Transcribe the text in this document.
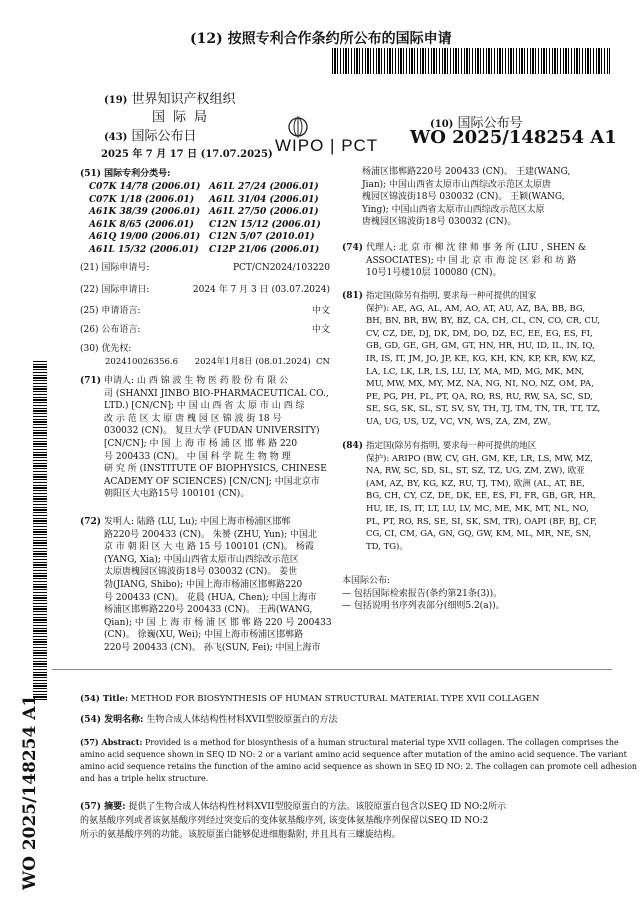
(12) 按照专利合作条约所公布的国际申请
(19) 世界知识产权组织
国际局
(43) 国际公布日
2025 年 7 月 17 日 (17.07.2025)
(10) 国际公布号
WO 2025/148254 A1
WIPO | PCT
(51) 国际专利分类号:
C07K 14/78 (2006.01) A61L 27/24 (2006.01)
C07K 1/18 (2006.01) A61L 31/04 (2006.01)
A61K 38/39 (2006.01) A61L 27/50 (2006.01)
A61K 8/65 (2006.01) C12N 15/12 (2006.01)
A61Q 19/00 (2006.01) C12N 5/07 (2010.01)
A61L 15/32 (2006.01) C12P 21/06 (2006.01)
(21) 国际申请号:	PCT/CN2024/103220
(22) 国际申请日:	2024 年 7 月 3 日 (03.07.2024)
(25) 申请语言:	中文
(26) 公布语言:	中文
(30) 优先权:
202410026356.6 2024年1月8日 (08.01.2024) CN
(71) 申请人: 山 西 锦 波 生 物 医 药 股 份 有 限 公
司 (SHANXI JINBO BIO-PHARMACEUTICAL CO.,
LTD.) [CN/CN]; 中 国 山 西 省 太 原 市 山 西 综
改 示 范 区 太 原 唐 槐 园 区 锦 波 街 18 号
030032 (CN)。 复旦大学 (FUDAN UNIVERSITY)
[CN/CN]; 中 国 上 海 市 杨 浦 区 邯 郸 路 220
号 200433 (CN)。 中 国 科 学 院 生 物 物 理
研 究 所 (INSTITUTE OF BIOPHYSICS, CHINESE
ACADEMY OF SCIENCES) [CN/CN]; 中国北京市
朝阳区大屯路15号 100101 (CN)。
(72) 发明人: 陆路 (LU, Lu); 中国上海市杨浦区邯郸
路220号 200433 (CN)。 朱赟 (ZHU, Yun); 中国北
京 市 朝 阳 区 大 屯 路 15 号 100101 (CN)。 杨霞
(YANG, Xia); 中国山西省太原市山西综改示范区
太原唐槐园区锦波街18号 030032 (CN)。 姜世
勃(JIANG, Shibo); 中国上海市杨浦区邯郸路220
号 200433 (CN)。 花晨 (HUA, Chen); 中国上海市
杨浦区邯郸路220号 200433 (CN)。 王茜(WANG,
Qian); 中 国 上 海 市 杨 浦 区 邯 郸 路 220 号 200433
(CN)。 徐巍(XU, Wei); 中国上海市杨浦区邯郸路
220号 200433 (CN)。 孙飞(SUN, Fei); 中国上海市
杨浦区邯郸路220号 200433 (CN)。 王建(WANG,
Jian); 中国山西省太原市山西综改示范区太原唐
槐园区锦波街18号 030032 (CN)。 王颖(WANG,
Ying); 中国山西省太原市山西综改示范区太原
唐槐园区锦波街18号 030032 (CN)。
(74) 代理人: 北 京 市 柳 沈 律 师 事 务 所 (LIU , SHEN &
ASSOCIATES); 中 国 北 京 市 海 淀 区 彩 和 坊 路
10号1号楼10层 100080 (CN)。
(81) 指定国(除另有指明, 要求每一种可提供的国家
保护): AE, AG, AL, AM, AO, AT, AU, AZ, BA, BB, BG,
BH, BN, BR, BW, BY, BZ, CA, CH, CL, CN, CO, CR, CU,
CV, CZ, DE, DJ, DK, DM, DO, DZ, EC, EE, EG, ES, FI,
GB, GD, GE, GH, GM, GT, HN, HR, HU, ID, IL, IN, IQ,
IR, IS, IT, JM, JO, JP, KE, KG, KH, KN, KP, KR, KW, KZ,
LA, LC, LK, LR, LS, LU, LY, MA, MD, MG, MK, MN,
MU, MW, MX, MY, MZ, NA, NG, NI, NO, NZ, OM, PA,
PE, PG, PH, PL, PT, QA, RO, RS, RU, RW, SA, SC, SD,
SE, SG, SK, SL, ST, SV, SY, TH, TJ, TM, TN, TR, TT, TZ,
UA, UG, US, UZ, VC, VN, WS, ZA, ZM, ZW。
(84) 指定国(除另有指明, 要求每一种可提供的地区
保护): ARIPO (BW, CV, GH, GM, KE, LR, LS, MW, MZ,
NA, RW, SC, SD, SL, ST, SZ, TZ, UG, ZM, ZW), 欧亚
(AM, AZ, BY, KG, KZ, RU, TJ, TM), 欧洲 (AL, AT, BE,
BG, CH, CY, CZ, DE, DK, EE, ES, FI, FR, GB, GR, HR,
HU, IE, IS, IT, LT, LU, LV, MC, ME, MK, MT, NL, NO,
PL, PT, RO, RS, SE, SI, SK, SM, TR), OAPI (BF, BJ, CF,
CG, CI, CM, GA, GN, GQ, GW, KM, ML, MR, NE, SN,
TD, TG)。
本国际公布:
— 包括国际检索报告(条约第21条(3))。
— 包括说明书序列表部分(细则5.2(a))。
WO 2025/148254 A1	(54) Title: METHOD FOR BIOSYNTHESIS OF HUMAN STRUCTURAL MATERIAL TYPE XVII COLLAGEN
(54) 发明名称: 生物合成人体结构性材料XVII型胶原蛋白的方法
(57) Abstract: Provided is a method for biosynthesis of a human structural material type XVII collagen. The collagen comprises the
amino acid sequence shown in SEQ ID NO: 2 or a variant amino acid sequence after mutation of the amino acid sequence. The variant
amino acid sequence retains the function of the amino acid sequence as shown in SEQ ID NO: 2. The collagen can promote cell adhesion
and has a triple helix structure.
(57) 摘要: 提供了生物合成人体结构性材料XVII型胶原蛋白的方法。该胶原蛋白包含以SEQ ID NO:2所示
的氨基酸序列或者该氨基酸序列经过突变后的变体氨基酸序列, 该变体氨基酸序列保留以SEQ ID NO:2
所示的氨基酸序列的功能。该胶原蛋白能够促进细胞黏附, 并且具有三螺旋结构。
